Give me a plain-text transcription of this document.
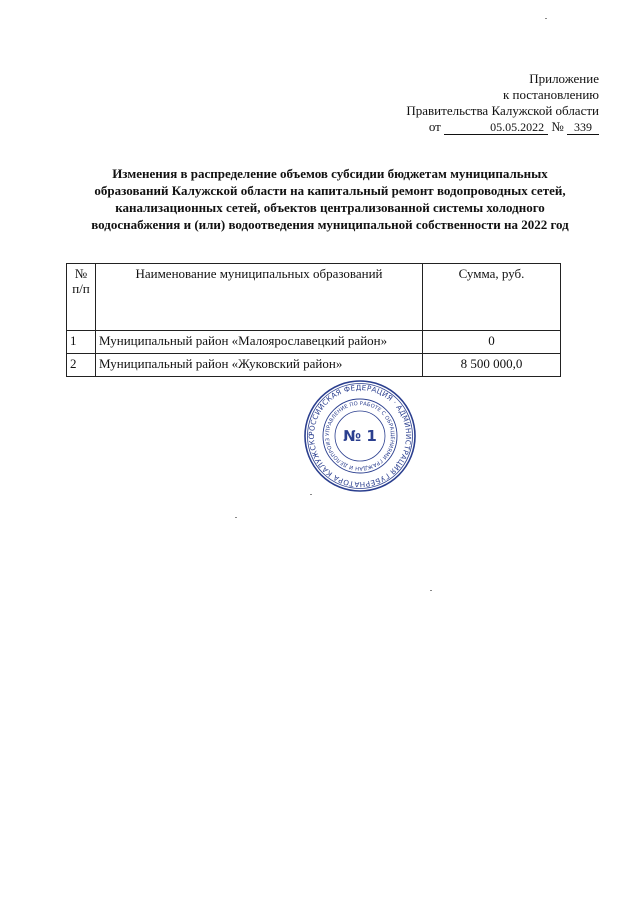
Приложение
к постановлению
Правительства Калужской области
от	05.05.2022 № 339
Изменения в распределение объемов субсидии бюджетам муниципальных
образований Калужской области на капитальный ремонт водопроводных сетей,
канализационных сетей, объектов централизованной системы холодного
водоснабжения и (или) водоотведения муниципальной собственности на 2022 год
№
п/п	Наименование муниципальных образований	Сумма, руб.
1	Муниципальный район «Малоярославецкий район»	0
2	Муниципальный район «Жуковский район»	8 500 000,0
РОССИЙСКАЯ ФЕДЕРАЦИЯ · АДМИНИСТРАЦИЯ ГУБЕРНАТОРА КАЛУЖСКО	УПРАВЛЕНИЕ ПО РАБОТЕ С ОБРАЩЕНИЯМИ ГРАЖДАН И ДЕЛОПРОИЗ № 1
